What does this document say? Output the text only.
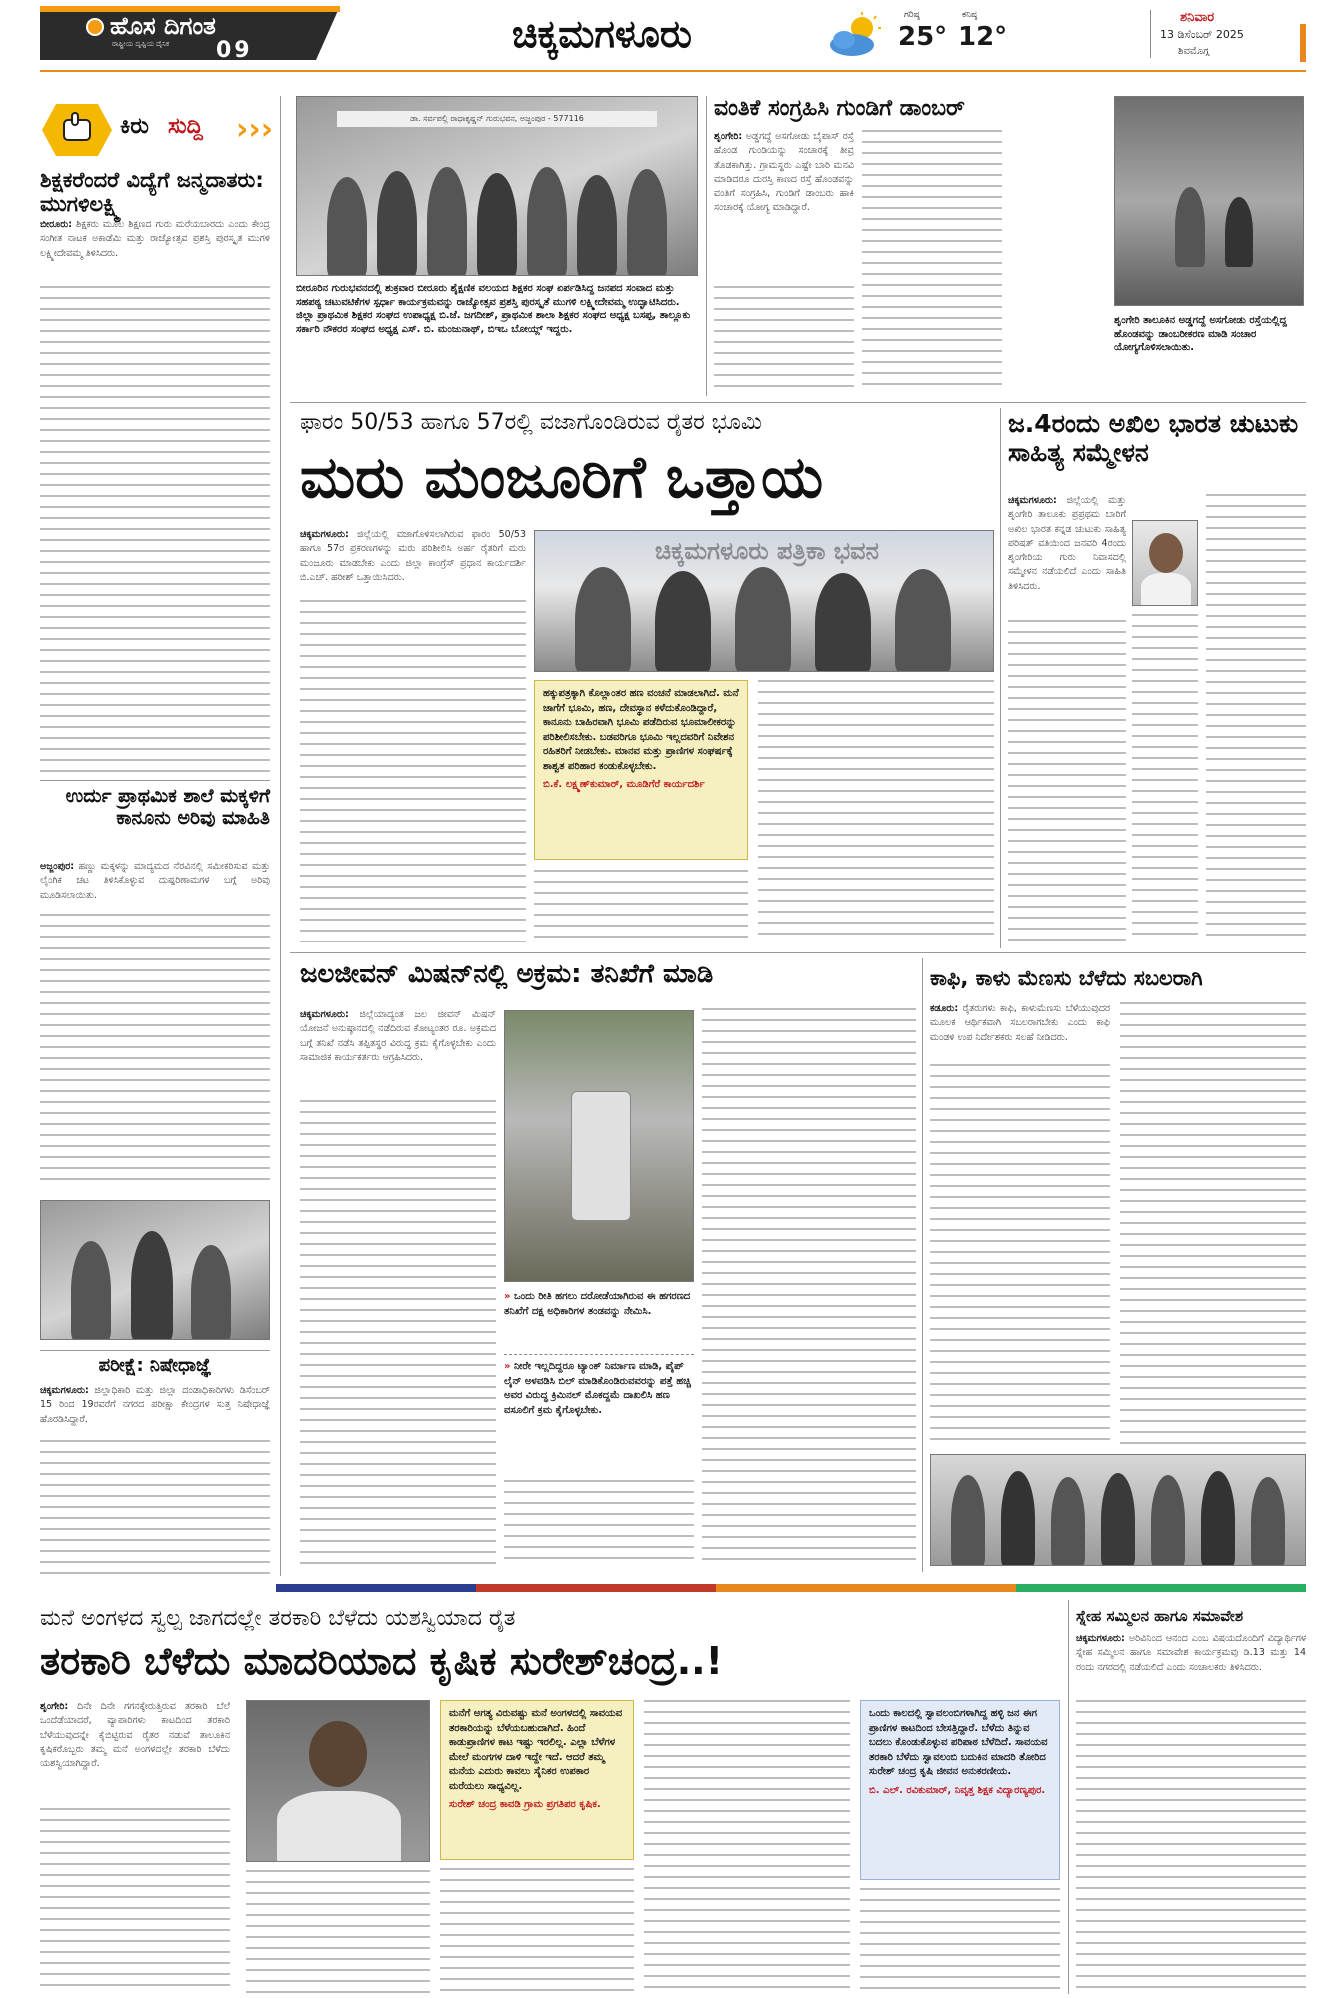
ಹೊಸ ದಿಗಂತ
ರಾಷ್ಟ್ರೀಯ ದೃಷ್ಟಿಯ ದೈನಿಕ 09	ಚಿಕ್ಕಮಗಳೂರು	ಗರಿಷ್ಠ
25°
ಕನಿಷ್ಠ
12°
ಶನಿವಾರ
13 ಡಿಸೆಂಬರ್ 2025
ಶಿವಮೊಗ್ಗ
ಕಿರು ಸುದ್ದಿ ›››
ಶಿಕ್ಷಕರೆಂದರೆ ವಿದ್ಯೆಗೆ ಜನ್ಮದಾತರು: ಮುಗಳಿಲಕ್ಷ್ಮಿ
ಬೀರೂರು: ಶಿಕ್ಷಕರು ಮೂಲ ಶಿಕ್ಷಣದ ಗುರು ಮರೆಯಬಾರದು ಎಂದು ಕೇಂದ್ರ ಸಂಗೀತ ನಾಟಕ ಅಕಾಡೆಮಿ ಮತ್ತು ರಾಜ್ಯೋತ್ಸವ ಪ್ರಶಸ್ತಿ ಪುರಸ್ಕೃತ ಮುಗಳಿ ಲಕ್ಷ್ಮೀದೇವಮ್ಮ ತಿಳಿಸಿದರು.
ಉರ್ದು ಪ್ರಾಥಮಿಕ ಶಾಲೆ ಮಕ್ಕಳಿಗೆ ಕಾನೂನು ಅರಿವು ಮಾಹಿತಿ
ಅಜ್ಜಂಪುರ: ಹಣ್ಣು ಮಕ್ಕಳನ್ನು ಮಾದ್ಯಮದ ನೆರವಿನಲ್ಲಿ ಸಮೀಕರಿಸುವ ಮತ್ತು ಲೈಂಗಿಕ ಚಟ ತಿಳಿಸಿಕೊಳ್ಳುವ ದುಷ್ಪರಿಣಾಮಗಳ ಬಗ್ಗೆ ಅರಿವು ಮೂಡಿಸಲಾಯಿತು.
ಪರೀಕ್ಷೆ: ನಿಷೇಧಾಜ್ಞೆ
ಚಿಕ್ಕಮಗಳೂರು: ಜಿಲ್ಲಾಧಿಕಾರಿ ಮತ್ತು ಜಿಲ್ಲಾ ದಂಡಾಧಿಕಾರಿಗಳು ಡಿಸೆಂಬರ್ 15 ರಿಂದ 19ರವರೆಗೆ ನಗರದ ಪರೀಕ್ಷಾ ಕೇಂದ್ರಗಳ ಸುತ್ತ ನಿಷೇಧಾಜ್ಞೆ ಹೊರಡಿಸಿದ್ದಾರೆ.
ಡಾ. ಸರ್ವಪಲ್ಲಿ ರಾಧಾಕೃಷ್ಣನ್ ಗುರುಭವನ, ಅಜ್ಜಂಪುರ - 577116
ಬೀರೂರಿನ ಗುರುಭವನದಲ್ಲಿ ಶುಕ್ರವಾರ ಬೀರೂರು ಶೈಕ್ಷಣಿಕ ವಲಯದ ಶಿಕ್ಷಕರ ಸಂಘ ಏರ್ಪಡಿಸಿದ್ದ ಜನಪದ ಸಂವಾದ ಮತ್ತು ಸಹಪಠ್ಯ ಚಟುವಟಿಕೆಗಳ ಸ್ಪರ್ಧಾ ಕಾರ್ಯಕ್ರಮವನ್ನು ರಾಜ್ಯೋತ್ಸವ ಪ್ರಶಸ್ತಿ ಪುರಸ್ಕೃತೆ ಮುಗಳಿ ಲಕ್ಷ್ಮೀದೇವಮ್ಮ ಉದ್ಘಾಟಿಸಿದರು. ಜಿಲ್ಲಾ ಪ್ರಾಥಮಿಕ ಶಿಕ್ಷಕರ ಸಂಘದ ಉಪಾಧ್ಯಕ್ಷ ಬಿ.ಜೆ. ಜಗದೀಶ್, ಪ್ರಾಥಮಿಕ ಶಾಲಾ ಶಿಕ್ಷಕರ ಸಂಘದ ಅಧ್ಯಕ್ಷ ಬಸಪ್ಪ, ತಾಲ್ಲೂಕು ಸರ್ಕಾರಿ ನೌಕರರ ಸಂಘದ ಅಧ್ಯಕ್ಷ ಎಸ್. ಬಿ. ಮಂಜುನಾಥ್, ಬಿಇಒ ಬೋಯ್ಲ್ ಇದ್ದರು.
ವಂತಿಕೆ ಸಂಗ್ರಹಿಸಿ ಗುಂಡಿಗೆ ಡಾಂಬರ್
ಶೃಂಗೇರಿ: ಅಡ್ಡಗದ್ದೆ ಅಸಗೋಡು ಬೈಪಾಸ್ ರಸ್ತೆ ಹೊಂಡ ಗುಂಡಿಯನ್ನು ಸಂಚಾರಕ್ಕೆ ತೀವ್ರ ತೊಡಕಾಗಿತ್ತು. ಗ್ರಾಮಸ್ಥರು ಎಷ್ಟೇ ಬಾರಿ ಮನವಿ ಮಾಡಿದರೂ ದುರಸ್ತಿ ಕಾಣದ ರಸ್ತೆ ಹೊಂಡವನ್ನು ವಂತಿಗೆ ಸಂಗ್ರಹಿಸಿ, ಗುಂಡಿಗೆ ಡಾಂಬರು ಹಾಕಿ ಸಂಚಾರಕ್ಕೆ ಯೋಗ್ಯ ಮಾಡಿದ್ದಾರೆ.
ಶೃಂಗೇರಿ ತಾಲೂಕಿನ ಅಡ್ಡಗದ್ದೆ ಅಸಗೋಡು ರಸ್ತೆಯಲ್ಲಿದ್ದ ಹೊಂಡವನ್ನು ಡಾಂಬರೀಕರಣ ಮಾಡಿ ಸಂಚಾರ ಯೋಗ್ಯಗೊಳಿಸಲಾಯಿತು.
ಫಾರಂ 50/53 ಹಾಗೂ 57ರಲ್ಲಿ ವಜಾಗೊಂಡಿರುವ ರೈತರ ಭೂಮಿ
ಮರು ಮಂಜೂರಿಗೆ ಒತ್ತಾಯ
ಚಿಕ್ಕಮಗಳೂರು: ಜಿಲ್ಲೆಯಲ್ಲಿ ವಜಾಗೊಳಿಸಲಾಗಿರುವ ಫಾರಂ 50/53 ಹಾಗೂ 57ರ ಪ್ರಕರಣಗಳನ್ನು ಮರು ಪರಿಶೀಲಿಸಿ ಅರ್ಹ ರೈತರಿಗೆ ಮರು ಮಂಜೂರು ಮಾಡಬೇಕು ಎಂದು ಜಿಲ್ಲಾ ಕಾಂಗ್ರೆಸ್ ಪ್ರಧಾನ ಕಾರ್ಯದರ್ಶಿ ಬಿ.ಎಚ್. ಹರೀಶ್ ಒತ್ತಾಯಿಸಿದರು.
ಚಿಕ್ಕಮಗಳೂರು ಪತ್ರಿಕಾ ಭವನ
ಹಕ್ಕುಪತ್ರಕ್ಕಾಗಿ ಕೊಲ್ಲಾಂತರ ಹಣ ವಂಚನೆ ಮಾಡಲಾಗಿದೆ. ಮನೆ ಜಾಗೆಗೆ ಭೂಮಿ, ಹಣ, ದೇವಸ್ಥಾನ ಕಳೆದುಕೊಂಡಿದ್ದಾರೆ, ಕಾನೂನು ಬಾಹಿರವಾಗಿ ಭೂಮಿ ಪಡೆದಿರುವ ಭೂಮಾಲೀಕರನ್ನು ಪರಿಶೀಲಿಸಬೇಕು. ಬಡವರಿಗೂ ಭೂಮಿ ಇಲ್ಲದವರಿಗೆ ನಿವೇಶನ ರಹಿತರಿಗೆ ನೀಡಬೇಕು. ಮಾನವ ಮತ್ತು ಪ್ರಾಣಿಗಳ ಸಂಘರ್ಷಕ್ಕೆ ಶಾಶ್ವತ ಪರಿಹಾರ ಕಂಡುಕೊಳ್ಳಬೇಕು.
ಬಿ.ಕೆ. ಲಕ್ಷ್ಮಣ್‌ಕುಮಾರ್, ಮೂಡಿಗೆರೆ ಕಾರ್ಯದರ್ಶಿ
ಜ.4ರಂದು ಅಖಿಲ ಭಾರತ ಚುಟುಕು ಸಾಹಿತ್ಯ ಸಮ್ಮೇಳನ
ಚಿಕ್ಕಮಗಳೂರು: ಜಿಲ್ಲೆಯಲ್ಲಿ ಮತ್ತು ಶೃಂಗೇರಿ ತಾಲೂಕು ಪ್ರಪ್ರಥಮ ಬಾರಿಗೆ ಅಖಿಲ ಭಾರತ ಕನ್ನಡ ಚುಟುಕು ಸಾಹಿತ್ಯ ಪರಿಷತ್ ವತಿಯಿಂದ ಜನವರಿ 4ರಂದು ಶೃಂಗೇರಿಯ ಗುರು ನಿವಾಸದಲ್ಲಿ ಸಮ್ಮೇಳನ ನಡೆಯಲಿದೆ ಎಂದು ಸಾಹಿತಿ ತಿಳಿಸಿದರು.
ಜಲಜೀವನ್ ಮಿಷನ್‌ನಲ್ಲಿ ಅಕ್ರಮ: ತನಿಖೆಗೆ ಮಾಡಿ
ಚಿಕ್ಕಮಗಳೂರು: ಜಿಲ್ಲೆಯಾದ್ಯಂತ ಜಲ ಜೀವನ್ ಮಿಷನ್ ಯೋಜನೆ ಅನುಷ್ಠಾನದಲ್ಲಿ ನಡೆದಿರುವ ಕೋಟ್ಯಂತರ ರೂ. ಅಕ್ರಮದ ಬಗ್ಗೆ ತನಿಖೆ ನಡೆಸಿ ತಪ್ಪಿತಸ್ಥರ ವಿರುದ್ಧ ಕ್ರಮ ಕೈಗೊಳ್ಳಬೇಕು ಎಂದು ಸಾಮಾಜಿಕ ಕಾರ್ಯಕರ್ತರು ಆಗ್ರಹಿಸಿದರು.
» ಒಂದು ರೀತಿ ಹಗಲು ದರೋಡೆಯಾಗಿರುವ ಈ ಹಗರಣದ ತನಿಖೆಗೆ ದಕ್ಷ ಅಧಿಕಾರಿಗಳ ತಂಡವನ್ನು ನೇಮಿಸಿ.
» ನೀರೇ ಇಲ್ಲದಿದ್ದರೂ ಟ್ಯಾಂಕ್ ನಿರ್ಮಾಣ ಮಾಡಿ, ಪೈಪ್ ಲೈನ್ ಅಳವಡಿಸಿ ಬಿಲ್ ಮಾಡಿಕೊಂಡಿರುವವರನ್ನು ಪತ್ತೆ ಹಚ್ಚಿ ಅವರ ವಿರುದ್ಧ ಕ್ರಿಮಿನಲ್ ಮೊಕದ್ದಮೆ ದಾಖಲಿಸಿ ಹಣ ವಸೂಲಿಗೆ ಕ್ರಮ ಕೈಗೊಳ್ಳಬೇಕು.
ಕಾಫಿ, ಕಾಳು ಮೆಣಸು ಬೆಳೆದು ಸಬಲರಾಗಿ
ಕಡೂರು: ರೈತರುಗಳು ಕಾಫಿ, ಕಾಳುಮೆಣಸು ಬೆಳೆಯುವುದರ ಮೂಲಕ ಆರ್ಥಿಕವಾಗಿ ಸಬಲರಾಗಬೇಕು ಎಂದು ಕಾಫಿ ಮಂಡಳಿ ಉಪ ನಿರ್ದೇಶಕರು ಸಲಹೆ ನೀಡಿದರು.
ಮನೆ ಅಂಗಳದ ಸ್ವಲ್ಪ ಜಾಗದಲ್ಲೇ ತರಕಾರಿ ಬೆಳೆದು ಯಶಸ್ವಿಯಾದ ರೈತ
ತರಕಾರಿ ಬೆಳೆದು ಮಾದರಿಯಾದ ಕೃಷಿಕ ಸುರೇಶ್‌ಚಂದ್ರ..!
ಶೃಂಗೇರಿ: ದಿನೇ ದಿನೇ ಗಗನಕ್ಕೇರುತ್ತಿರುವ ತರಕಾರಿ ಬೆಲೆ ಒಂದೆಡೆಯಾದರೆ, ವ್ಯಾಪಾರಿಗಳು ಕಾಟದಿಂದ ತರಕಾರಿ ಬೆಳೆಯುವುದನ್ನೇ ಕೈಬಿಟ್ಟಿರುವ ರೈತರ ನಡುವೆ ತಾಲೂಕಿನ ಕೃಷಿಕರೊಬ್ಬರು ತಮ್ಮ ಮನೆ ಅಂಗಳದಲ್ಲೇ ತರಕಾರಿ ಬೆಳೆದು ಯಶಸ್ವಿಯಾಗಿದ್ದಾರೆ.
ಮನೆಗೆ ಅಗತ್ಯ ವಿರುವಷ್ಟು ಮನೆ ಅಂಗಳದಲ್ಲಿ ಸಾವಯವ ತರಕಾರಿಯನ್ನು ಬೆಳೆಯಬಹುದಾಗಿದೆ. ಹಿಂದೆ ಕಾಡುಪ್ರಾಣಿಗಳ ಕಾಟ ಇಷ್ಟು ಇರಲಿಲ್ಲ. ಎಲ್ಲಾ ಬೆಳೆಗಳ ಮೇಲೆ ಮಂಗಗಳ ದಾಳಿ ಇದ್ದೇ ಇದೆ. ಆದರೆ ತಮ್ಮ ಮನೆಯ ಎದುರು ಕಾವಲು ಸೈನಿಕರ ಉಪಕಾರ ಮರೆಯಲು ಸಾಧ್ಯವಿಲ್ಲ.
ಸುರೇಶ್ ಚಂದ್ರ ಕಾವಡಿ ಗ್ರಾಮ ಪ್ರಗತಿಪರ ಕೃಷಿಕ.
ಒಂದು ಕಾಲದಲ್ಲಿ ಸ್ವಾವಲಂಬಿಗಳಾಗಿದ್ದ ಹಳ್ಳಿ ಜನ ಈಗ ಪ್ರಾಣಿಗಳ ಕಾಟದಿಂದ ಬೇಸತ್ತಿದ್ದಾರೆ. ಬೆಳೆದು ತಿನ್ನುವ ಬದಲು ಕೊಂಡುಕೊಳ್ಳುವ ಪರಿಪಾಠ ಬೆಳೆದಿದೆ. ಸಾವಯವ ತರಕಾರಿ ಬೆಳೆದು ಸ್ವಾವಲಂಬಿ ಬದುಕಿನ ಮಾದರಿ ತೋರಿದ ಸುರೇಶ್ ಚಂದ್ರ ಕೃಷಿ ಜೀವನ ಅನುಕರಣೀಯ.
ಬಿ. ಎಲ್. ರವಿಕುಮಾರ್, ನಿವೃತ್ತ ಶಿಕ್ಷಕ ವಿದ್ಯಾರಣ್ಯಪುರ.
ಸ್ನೇಹ ಸಮ್ಮಿಲನ ಹಾಗೂ ಸಮಾವೇಶ
ಚಿಕ್ಕಮಗಳೂರು: ಅರಿವಿನಿಂದ ಆನಂದ ಎಂಬ ವಿಷಯದೊಂದಿಗೆ ವಿದ್ಯಾರ್ಥಿಗಳ ಸ್ನೇಹ ಸಮ್ಮಿಲನ ಹಾಗೂ ಸಮಾವೇಶ ಕಾರ್ಯಕ್ರಮವು ಡಿ.13 ಮತ್ತು 14 ರಂದು ನಗರದಲ್ಲಿ ನಡೆಯಲಿದೆ ಎಂದು ಸಂಚಾಲಕರು ತಿಳಿಸಿದರು.
